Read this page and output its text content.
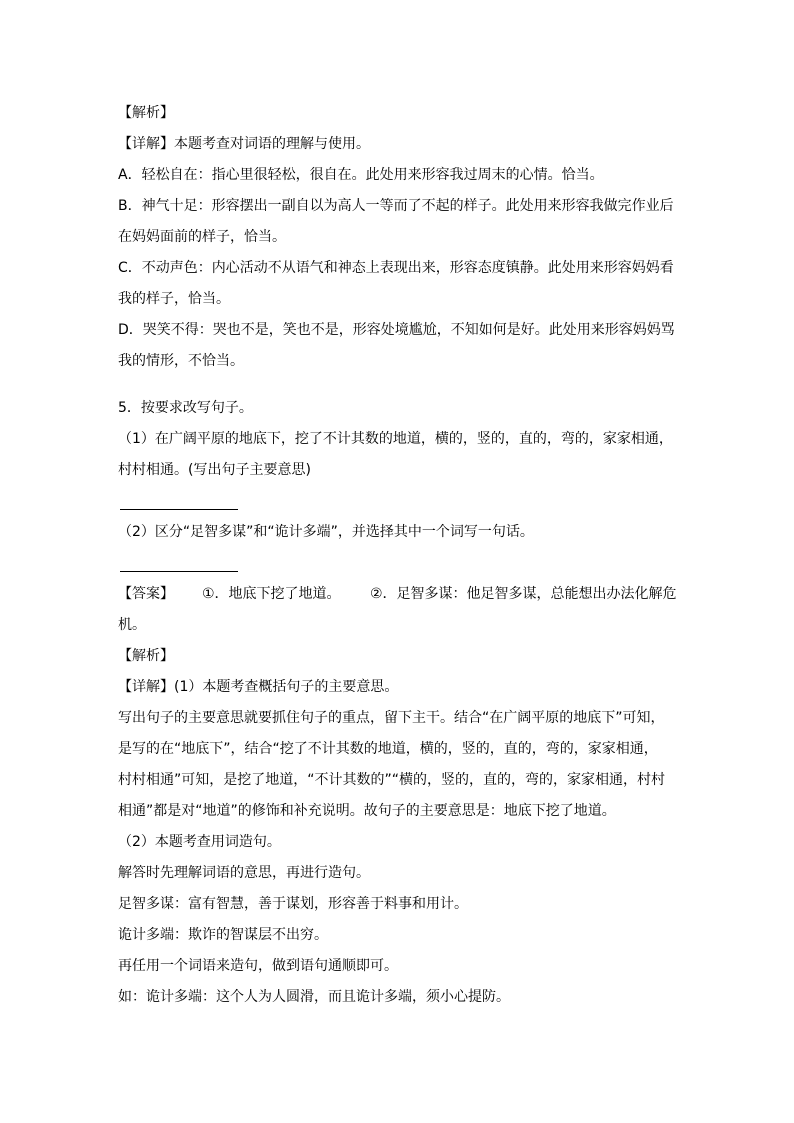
【解析】
【详解】本题考查对词语的理解与使用。
A．轻松自在：指心里很轻松，很自在。此处用来形容我过周末的心情。恰当。
B．神气十足：形容摆出一副自以为高人一等而了不起的样子。此处用来形容我做完作业后
在妈妈面前的样子，恰当。
C．不动声色：内心活动不从语气和神态上表现出来，形容态度镇静。此处用来形容妈妈看
我的样子，恰当。
D．哭笑不得：哭也不是，笑也不是，形容处境尴尬，不知如何是好。此处用来形容妈妈骂
我的情形，不恰当。
5．按要求改写句子。
（1）在广阔平原的地底下，挖了不计其数的地道，横的，竖的，直的，弯的，家家相通，
村村相通。(写出句子主要意思)
（2）区分“足智多谋”和“诡计多端”，并选择其中一个词写一句话。
【答案】 ①．地底下挖了地道。 ②．足智多谋：他足智多谋，总能想出办法化解危
机。
【解析】
【详解】(1）本题考查概括句子的主要意思。
写出句子的主要意思就要抓住句子的重点，留下主干。结合“在广阔平原的地底下”可知，
是写的在“地底下”，结合“挖了不计其数的地道，横的，竖的，直的，弯的，家家相通，
村村相通”可知，是挖了地道，“不计其数的”“横的，竖的，直的，弯的，家家相通，村村
相通”都是对“地道”的修饰和补充说明。故句子的主要意思是：地底下挖了地道。
（2）本题考查用词造句。
解答时先理解词语的意思，再进行造句。
足智多谋：富有智慧，善于谋划，形容善于料事和用计。
诡计多端：欺诈的智谋层不出穷。
再任用一个词语来造句，做到语句通顺即可。
如：诡计多端：这个人为人圆滑，而且诡计多端，须小心提防。
